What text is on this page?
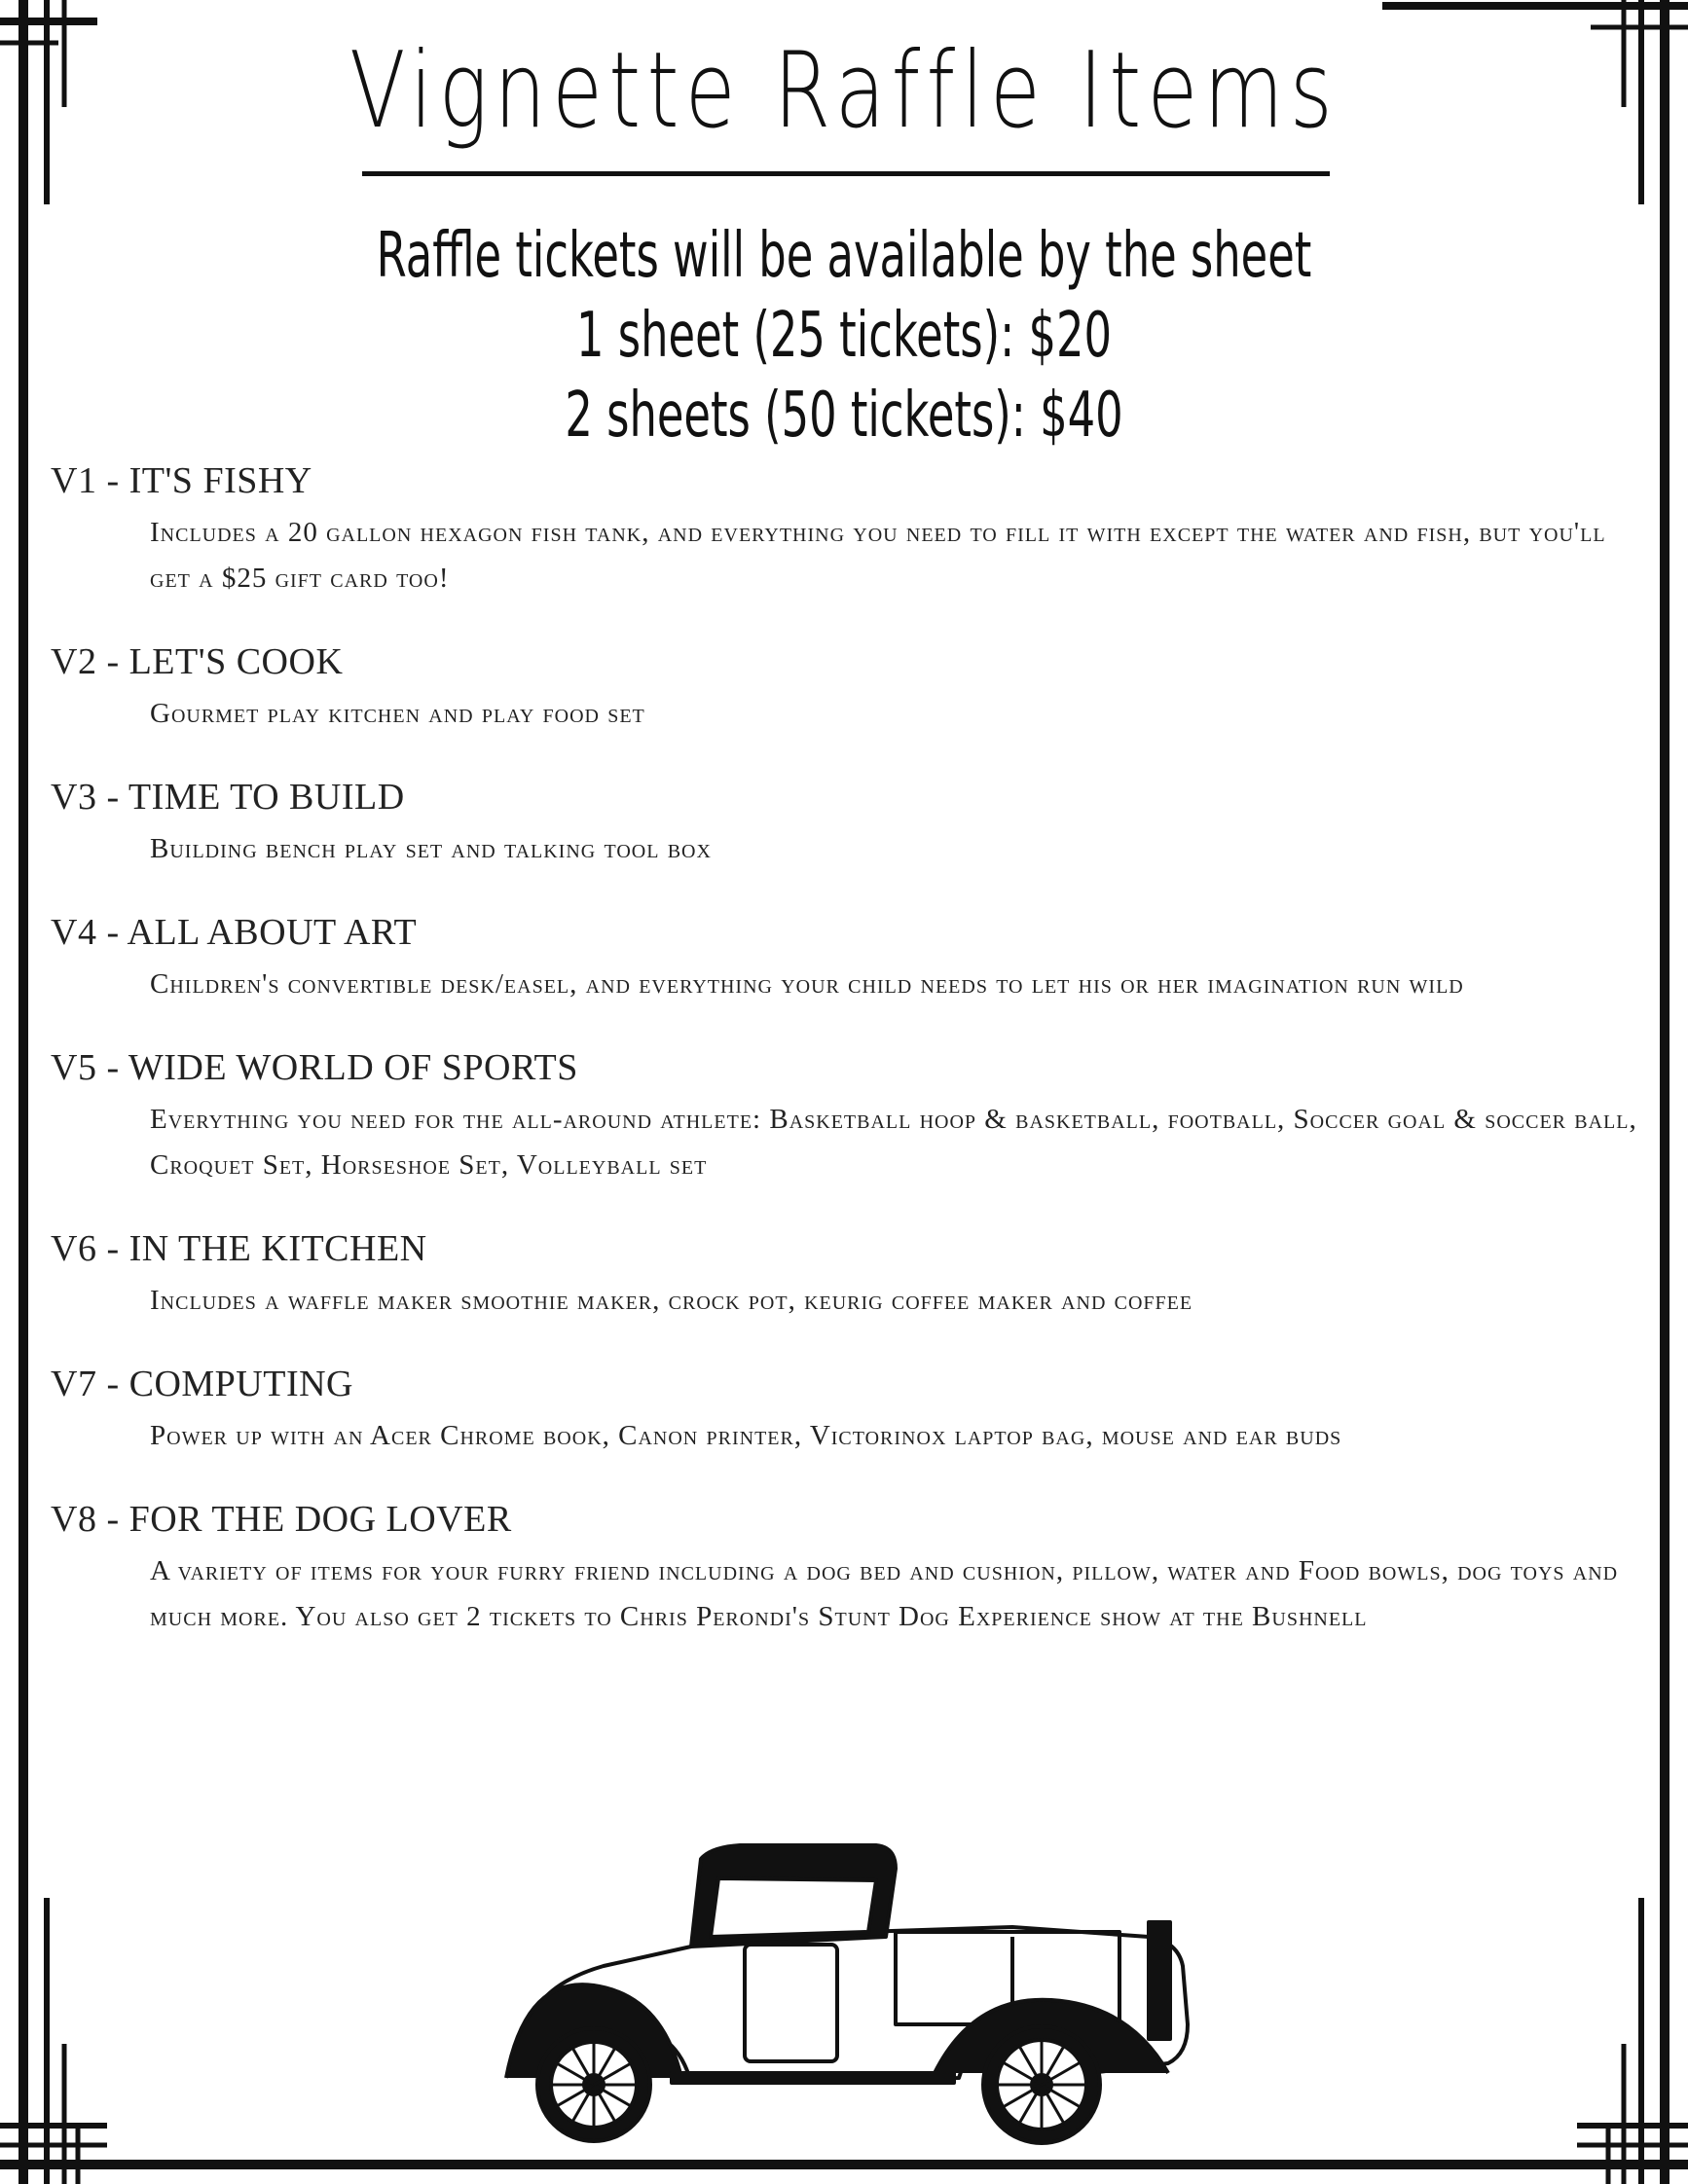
Vignette Raffle Items
Raffle tickets will be available by the sheet
1 sheet (25 tickets): $20
2 sheets (50 tickets): $40
V1 - IT'S FISHY
Includes a 20 gallon hexagon fish tank, and everything you need to fill it with except the water and fish, but you'll get a $25 gift card too!
V2 - LET'S COOK
Gourmet play kitchen and play food set
V3 - TIME TO BUILD
Building bench play set and talking tool box
V4 - ALL ABOUT ART
Children's convertible desk/easel, and everything your child needs to let his or her imagination run wild
V5 - WIDE WORLD OF SPORTS
Everything you need for the all-around athlete: Basketball hoop & basketball, football, Soccer goal & soccer ball, Croquet Set, Horseshoe Set, Volleyball set
V6 - IN THE KITCHEN
Includes a waffle maker smoothie maker, crock pot, keurig coffee maker and coffee
V7 - COMPUTING
Power up with an Acer Chrome book, Canon printer, Victorinox laptop bag, mouse and ear buds
V8 - FOR THE DOG LOVER
A variety of items for your furry friend including a dog bed and cushion, pillow, water and Food bowls, dog toys and much more. You also get 2 tickets to Chris Perondi's Stunt Dog Experience show at the Bushnell
